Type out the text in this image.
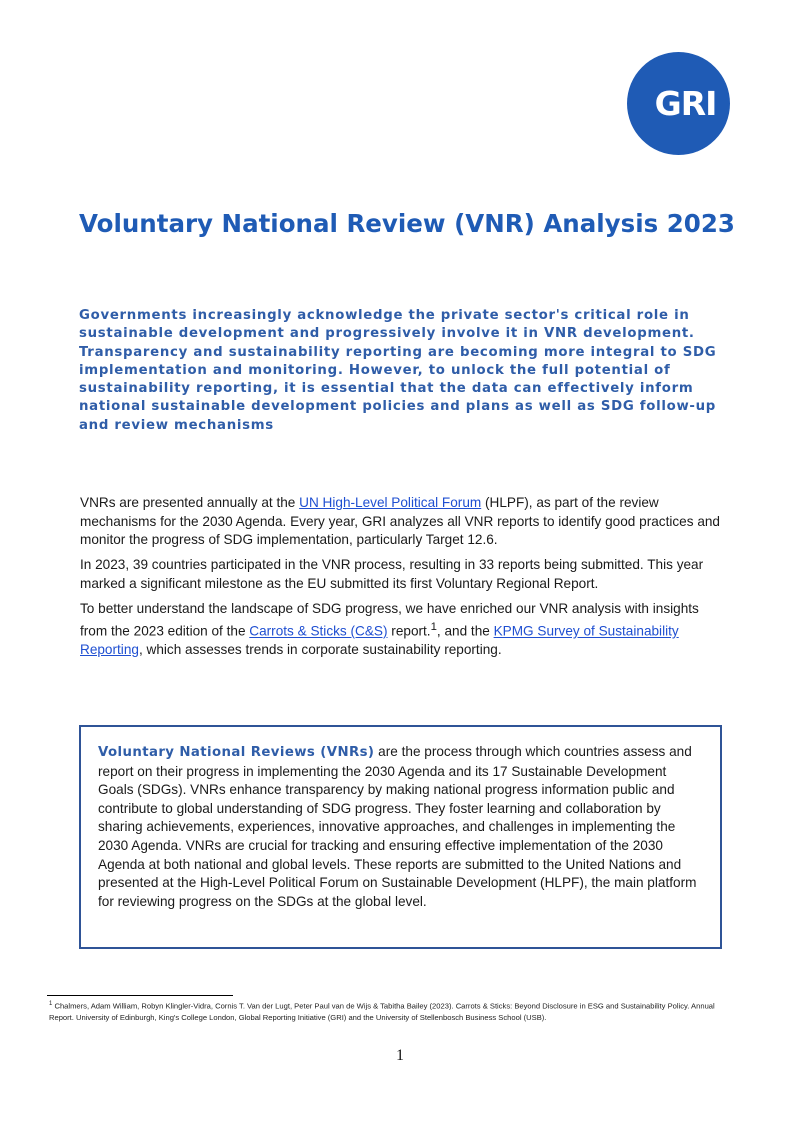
GRI
Voluntary National Review (VNR) Analysis 2023

Governments increasingly acknowledge the private sector's critical role in sustainable development and progressively involve it in VNR development. Transparency and sustainability reporting are becoming more integral to SDG implementation and monitoring. However, to unlock the full potential of sustainability reporting, it is essential that the data can effectively inform national sustainable development policies and plans as well as SDG follow-up and review mechanisms

VNRs are presented annually at the UN High-Level Political Forum (HLPF), as part of the review mechanisms for the 2030 Agenda. Every year, GRI analyzes all VNR reports to identify good practices and monitor the progress of SDG implementation, particularly Target 12.6.

In 2023, 39 countries participated in the VNR process, resulting in 33 reports being submitted. This year marked a significant milestone as the EU submitted its first Voluntary Regional Report.

To better understand the landscape of SDG progress, we have enriched our VNR analysis with insights from the 2023 edition of the Carrots & Sticks (C&S) report.$^1$, and the KPMG Survey of Sustainability Reporting, which assesses trends in corporate sustainability reporting.

Voluntary National Reviews (VNRs) are the process through which countries assess and report on their progress in implementing the 2030 Agenda and its 17 Sustainable Development Goals (SDGs). VNRs enhance transparency by making national progress information public and contribute to global understanding of SDG progress. They foster learning and collaboration by sharing achievements, experiences, innovative approaches, and challenges in implementing the 2030 Agenda. VNRs are crucial for tracking and ensuring effective implementation of the 2030 Agenda at both national and global levels. These reports are submitted to the United Nations and presented at the High-Level Political Forum on Sustainable Development (HLPF), the main platform for reviewing progress on the SDGs at the global level.

$^1$ Chalmers, Adam William, Robyn Klingler-Vidra, Cornis T. Van der Lugt, Peter Paul van de Wijs & Tabitha Bailey (2023). Carrots & Sticks: Beyond Disclosure in ESG and Sustainability Policy. Annual Report. University of Edinburgh, King's College London, Global Reporting Initiative (GRI) and the University of Stellenbosch Business School (USB).

1
